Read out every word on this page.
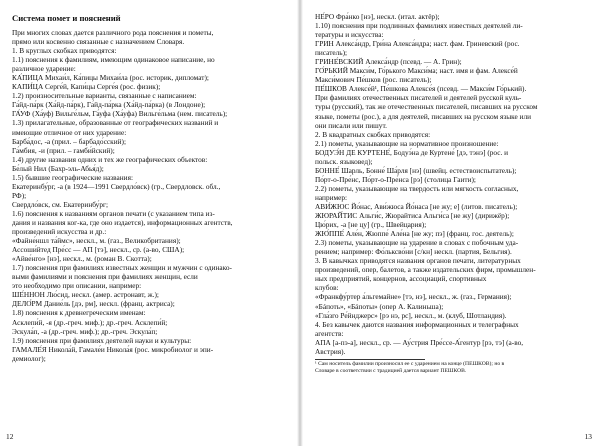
Система помет и пояснений
При многих словах дается различного рода пояснения и пометы,
прямо или косвенно связанные с назначением Словаря.
1. В круглых скобках приводятся:
1.1) пояснения к фамилиям, имеющим одинаковое написание, но
различное ударение:
КА́ПИЦА Михаи́л, Ка́пицы Михаи́ла (рос. историк, дипломат);
КАПИ́ЦА Серге́й, Капи́цы Серге́я (рос. физик);
1.2) произносительные варианты, связанные с написанием:
Га́йд-па́рк (Ха́йд-па́рк), Га́йд-па́рка (Ха́йд-па́рка) (в Лондоне);
ГА́УФ (Ха́уф) Вильге́льм, Га́уфа (Ха́уфа) Вильге́льма (нем. писатель);
1.3) прилагательные, образованные от географических названий и
имеющие отличное от них ударение:
Барба́дос, -а (прил. – барбадо́сский);
Га́мбия, -и (прил. – гамби́йский);
1.4) другие названия одних и тех же географических объектов:
Бе́лый Нил (Бахр-эль-Абья́д);
1.5) бывшие географические названия:
Екатеринбу́рг, -а (в 1924—1991 Свердло́вск) (гр., Свердловск. обл.,
РФ);
Свердло́вск, см. Екатеринбу́рг;
1.6) пояснения к названиям органов печати (с указанием типа из-
дания и названия ког-ка, где оно издается), информационных агентств,
произведений искусства и др.:
«Файне́ншл та́ймс», нескл., м. (газ., Великобритания);
Ассоши́йтед Пре́сс — АП [тэ], нескл., ср. (а-во, США);
«Айве́нго» [нэ], нескл., м. (роман В. Скотта);
1.7) пояснения при фамилиях известных женщин и мужчин с одинако-
выми фамилиями и пояснения при фамилиях женщин, если
это необходимо при описании, например:
ШЕ́ННОН Лю́сид, нескл. (амер. астронавт, ж.);
ДЕЛО́РМ Дание́ль [дэ, рм], нескл. (франц. актриса);
1.8) пояснения к древнегреческим именам:
Асклепи́й, -я (др.-греч. миф.); др.-греч. Асклепи́й;
Эскула́п, -а (др.-греч. миф.); др.-греч. Эскула́п;
1.9) пояснения при фамилиях деятелей науки и культуры:
ГАМАЛЕ́Я Никола́й, Гамале́и Никола́я (рос. микробиолог и эпи-
демиолог);
12
НЕ́РО Фра́нко [нэ], нескл. (итал. актёр);
1.10) пояснения при подлинных фамилиях известных деятелей ли-
тературы и искусства:
ГРИН Алекса́ндр, Гри́на Алекса́ндра; наст. фам. Гриневский (рос.
писатель);
ГРИНЕ́ВСКИЙ Алекса́ндр (псевд. — А. Грин);
ГО́РЬКИЙ Макси́м, Го́рького Макси́ма; наст. имя и фам. Алексе́й
Макси́мович Пе́шков (рос. писатель);
ПЕ́ШКОВ Алексе́й¹, Пе́шкова Алексе́я (псевд. — Макси́м Го́рький).
При фамилиях отечественных писателей и деятелей русской куль-
туры (русский), так же отечественных писателей, писавших на русском
языке, пометы (рос.), а для деятелей, писавших на русском языке или
они писали или пишут.
2. В квадратных скобках приводятся:
2.1) пометы, указывающие на нормативное произношение:
БОДУЭ́Н ДЕ КУРТЕНЕ́, Бодуэ́на де Куртене́ [дэ, тэнэ] (рос. и
польск. языковед);
БОННЕ́ Шарль, Бонне́ Ша́рля [нэ] (швейц. естествоиспытатель);
По́рт-о-Пре́нс, По́рт-о-Пре́нса [рэ] (столица Гаити);
2.2) пометы, указывающие на твердость или мягкость согласных,
например:
АВИ́ЖЮС Йо́нас, Ави́жюса Йо́наса [не жу; е] (литов. писатель);
ЖЮРАЙ́ТИС Альги́с, Жюрайтиса Альги́са [не жу] (дирижёр);
Цю́рих, -а [не цу] (гр., Швейцария);
ЖЮ́ППЕ́ Але́н, Жюппе́ Але́на [не жу; пэ] (франц. гос. деятель);
2.3) пометы, указывающие на ударение в словах с побочным уда-
рением; например: Фо́льксво́ни [с/кн] нескл. (партия, Бельгия).
3. В кавычках приводятся названия органов печати, литературных
произведений, опер, балетов, а также издательских фирм, промышлен-
ных предприятий, концернов, ассоциаций, спортивных
клубов:
«Франкфу́ртер а́льгемайне» [тэ, нэ], нескл., ж. (газ., Германия);
«Бáпоть», «Бáпоты» (опер А. Калиньша);
«Гла́зго Ре́йнджерс» [рэ нэ, рс], нескл., м. (клуб, Шотландия).
4. Без кавычек даются названия информационных и телеграфных
агентств:
АПА [а-пэ-а], нескл., ср. — Ау́стрия Пре́ссе-А́гентур [рэ, тэ] (а-во,
Австрия).
¹ Сам носитель фамилии произносил ее с ударением на конце (ПЕШКОВ); но в
Словаре в соответствии с традицией дается вариант ПЕ́ШКОВ.
13
